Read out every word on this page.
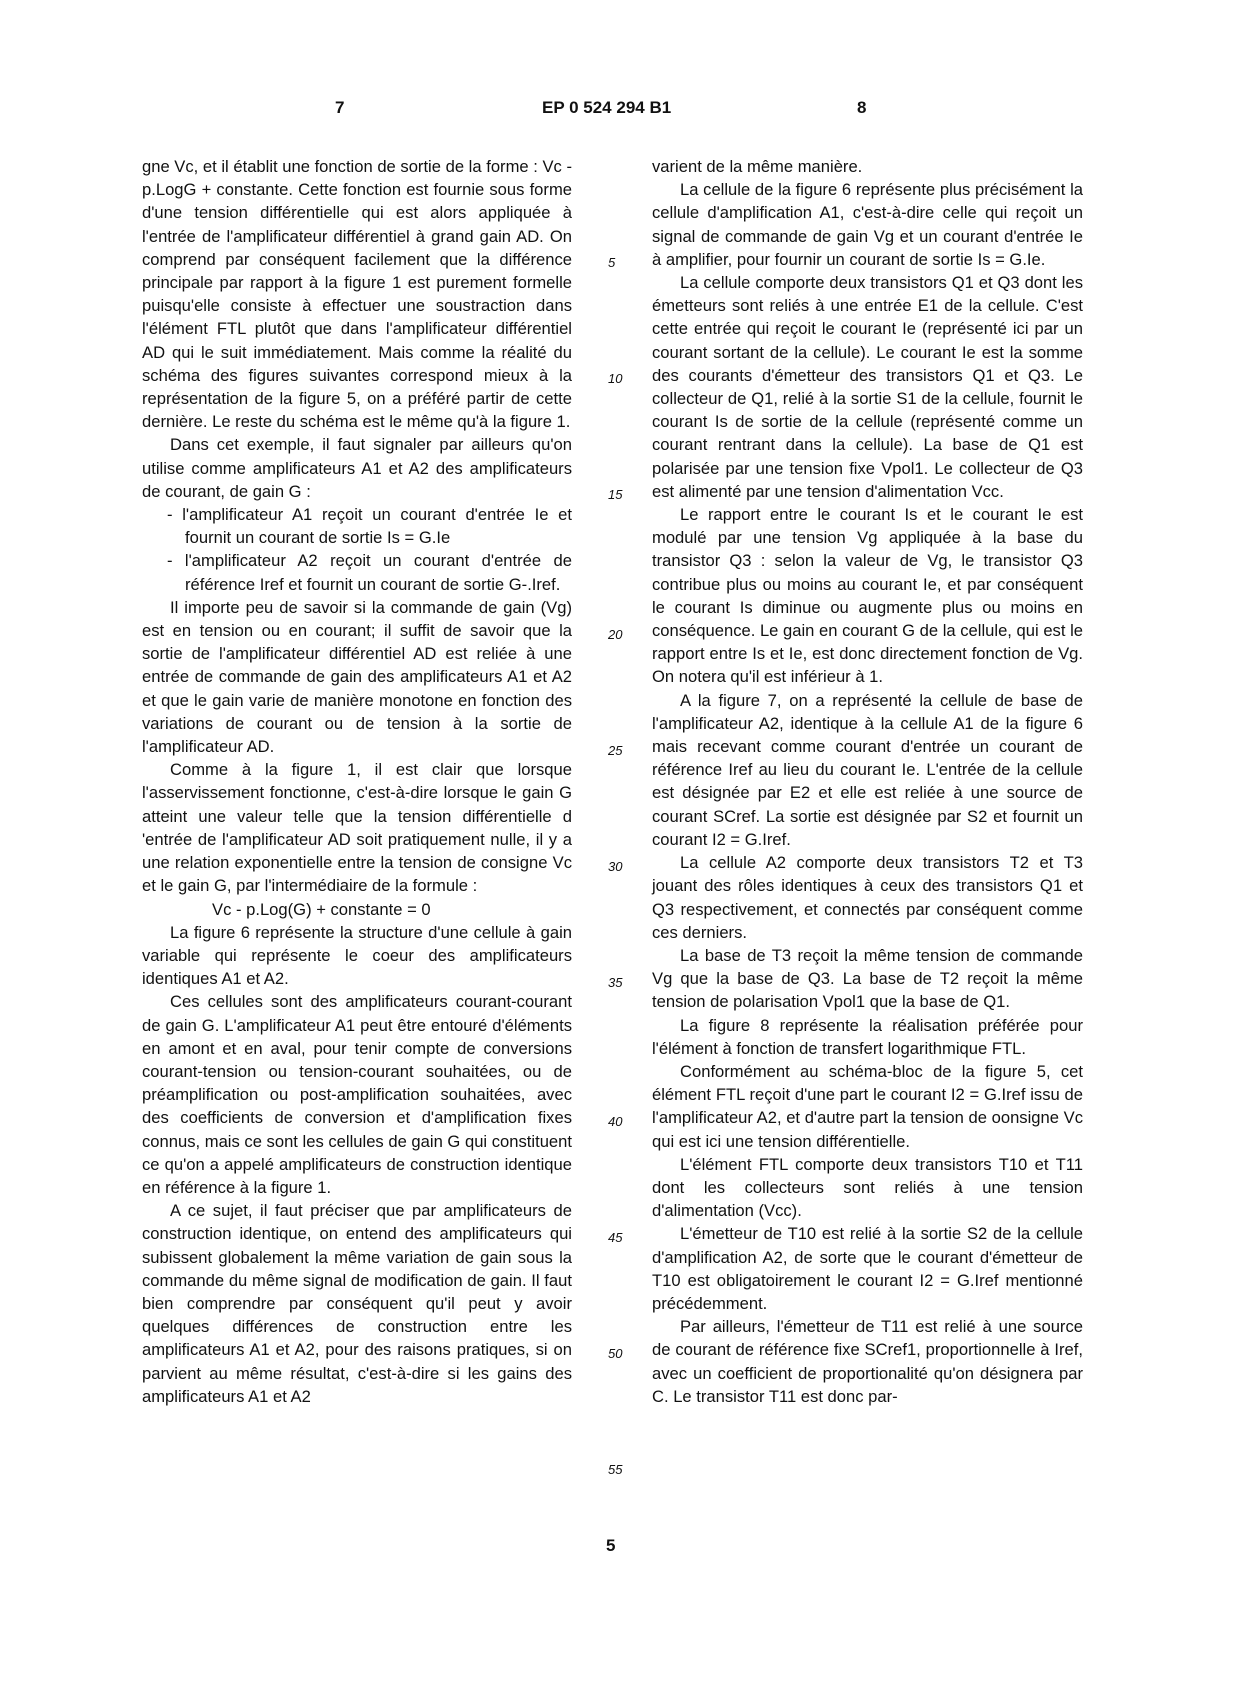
7	EP 0 524 294 B1	8

gne Vc, et il établit une fonction de sortie de la forme : Vc - p.LogG + constante. Cette fonction est fournie sous forme d'une tension différentielle qui est alors appliquée à l'entrée de l'amplificateur différentiel à grand gain AD. On comprend par conséquent facilement que la différence principale par rapport à la figure 1 est purement formelle puisqu'elle consiste à effectuer une soustraction dans l'élément FTL plutôt que dans l'amplificateur différentiel AD qui le suit immédiatement. Mais comme la réalité du schéma des figures suivantes correspond mieux à la représentation de la figure 5, on a préféré partir de cette dernière. Le reste du schéma est le même qu'à la figure 1.

Dans cet exemple, il faut signaler par ailleurs qu'on utilise comme amplificateurs A1 et A2 des amplificateurs de courant, de gain G :

- l'amplificateur A1 reçoit un courant d'entrée Ie et fournit un courant de sortie Is = G.Ie

- l'amplificateur A2 reçoit un courant d'entrée de référence Iref et fournit un courant de sortie G-.Iref.

Il importe peu de savoir si la commande de gain (Vg) est en tension ou en courant; il suffit de savoir que la sortie de l'amplificateur différentiel AD est reliée à une entrée de commande de gain des amplificateurs A1 et A2 et que le gain varie de manière monotone en fonction des variations de courant ou de tension à la sortie de l'amplificateur AD.

Comme à la figure 1, il est clair que lorsque l'asservissement fonctionne, c'est-à-dire lorsque le gain G atteint une valeur telle que la tension différentielle d 'entrée de l'amplificateur AD soit pratiquement nulle, il y a une relation exponentielle entre la tension de consigne Vc et le gain G, par l'intermédiaire de la formule :

Vc - p.Log(G) + constante = 0

La figure 6 représente la structure d'une cellule à gain variable qui représente le coeur des amplificateurs identiques A1 et A2.

Ces cellules sont des amplificateurs courant-courant de gain G. L'amplificateur A1 peut être entouré d'éléments en amont et en aval, pour tenir compte de conversions courant-tension ou tension-courant souhaitées, ou de préamplification ou post-amplification souhaitées, avec des coefficients de conversion et d'amplification fixes connus, mais ce sont les cellules de gain G qui constituent ce qu'on a appelé amplificateurs de construction identique en référence à la figure 1.

A ce sujet, il faut préciser que par amplificateurs de construction identique, on entend des amplificateurs qui subissent globalement la même variation de gain sous la commande du même signal de modification de gain. Il faut bien comprendre par conséquent qu'il peut y avoir quelques différences de construction entre les amplificateurs A1 et A2, pour des raisons pratiques, si on parvient au même résultat, c'est-à-dire si les gains des amplificateurs A1 et A2

5
10
15
20
25
30
35
40
45
50
55

varient de la même manière.

La cellule de la figure 6 représente plus précisément la cellule d'amplification A1, c'est-à-dire celle qui reçoit un signal de commande de gain Vg et un courant d'entrée Ie à amplifier, pour fournir un courant de sortie Is = G.Ie.

La cellule comporte deux transistors Q1 et Q3 dont les émetteurs sont reliés à une entrée E1 de la cellule. C'est cette entrée qui reçoit le courant Ie (représenté ici par un courant sortant de la cellule). Le courant Ie est la somme des courants d'émetteur des transistors Q1 et Q3. Le collecteur de Q1, relié à la sortie S1 de la cellule, fournit le courant Is de sortie de la cellule (représenté comme un courant rentrant dans la cellule). La base de Q1 est polarisée par une tension fixe Vpol1. Le collecteur de Q3 est alimenté par une tension d'alimentation Vcc.

Le rapport entre le courant Is et le courant Ie est modulé par une tension Vg appliquée à la base du transistor Q3 : selon la valeur de Vg, le transistor Q3 contribue plus ou moins au courant Ie, et par conséquent le courant Is diminue ou augmente plus ou moins en conséquence. Le gain en courant G de la cellule, qui est le rapport entre Is et Ie, est donc directement fonction de Vg. On notera qu'il est inférieur à 1.

A la figure 7, on a représenté la cellule de base de l'amplificateur A2, identique à la cellule A1 de la figure 6 mais recevant comme courant d'entrée un courant de référence Iref au lieu du courant Ie. L'entrée de la cellule est désignée par E2 et elle est reliée à une source de courant SCref. La sortie est désignée par S2 et fournit un courant I2 = G.Iref.

La cellule A2 comporte deux transistors T2 et T3 jouant des rôles identiques à ceux des transistors Q1 et Q3 respectivement, et connectés par conséquent comme ces derniers.

La base de T3 reçoit la même tension de commande Vg que la base de Q3. La base de T2 reçoit la même tension de polarisation Vpol1 que la base de Q1.

La figure 8 représente la réalisation préférée pour l'élément à fonction de transfert logarithmique FTL.

Conformément au schéma-bloc de la figure 5, cet élément FTL reçoit d'une part le courant I2 = G.Iref issu de l'amplificateur A2, et d'autre part la tension de oonsigne Vc qui est ici une tension différentielle.

L'élément FTL comporte deux transistors T10 et T11 dont les collecteurs sont reliés à une tension d'alimentation (Vcc).

L'émetteur de T10 est relié à la sortie S2 de la cellule d'amplification A2, de sorte que le courant d'émetteur de T10 est obligatoirement le courant I2 = G.Iref mentionné précédemment.

Par ailleurs, l'émetteur de T11 est relié à une source de courant de référence fixe SCref1, proportionnelle à Iref, avec un coefficient de proportionalité qu'on désignera par C. Le transistor T11 est donc par-

5
